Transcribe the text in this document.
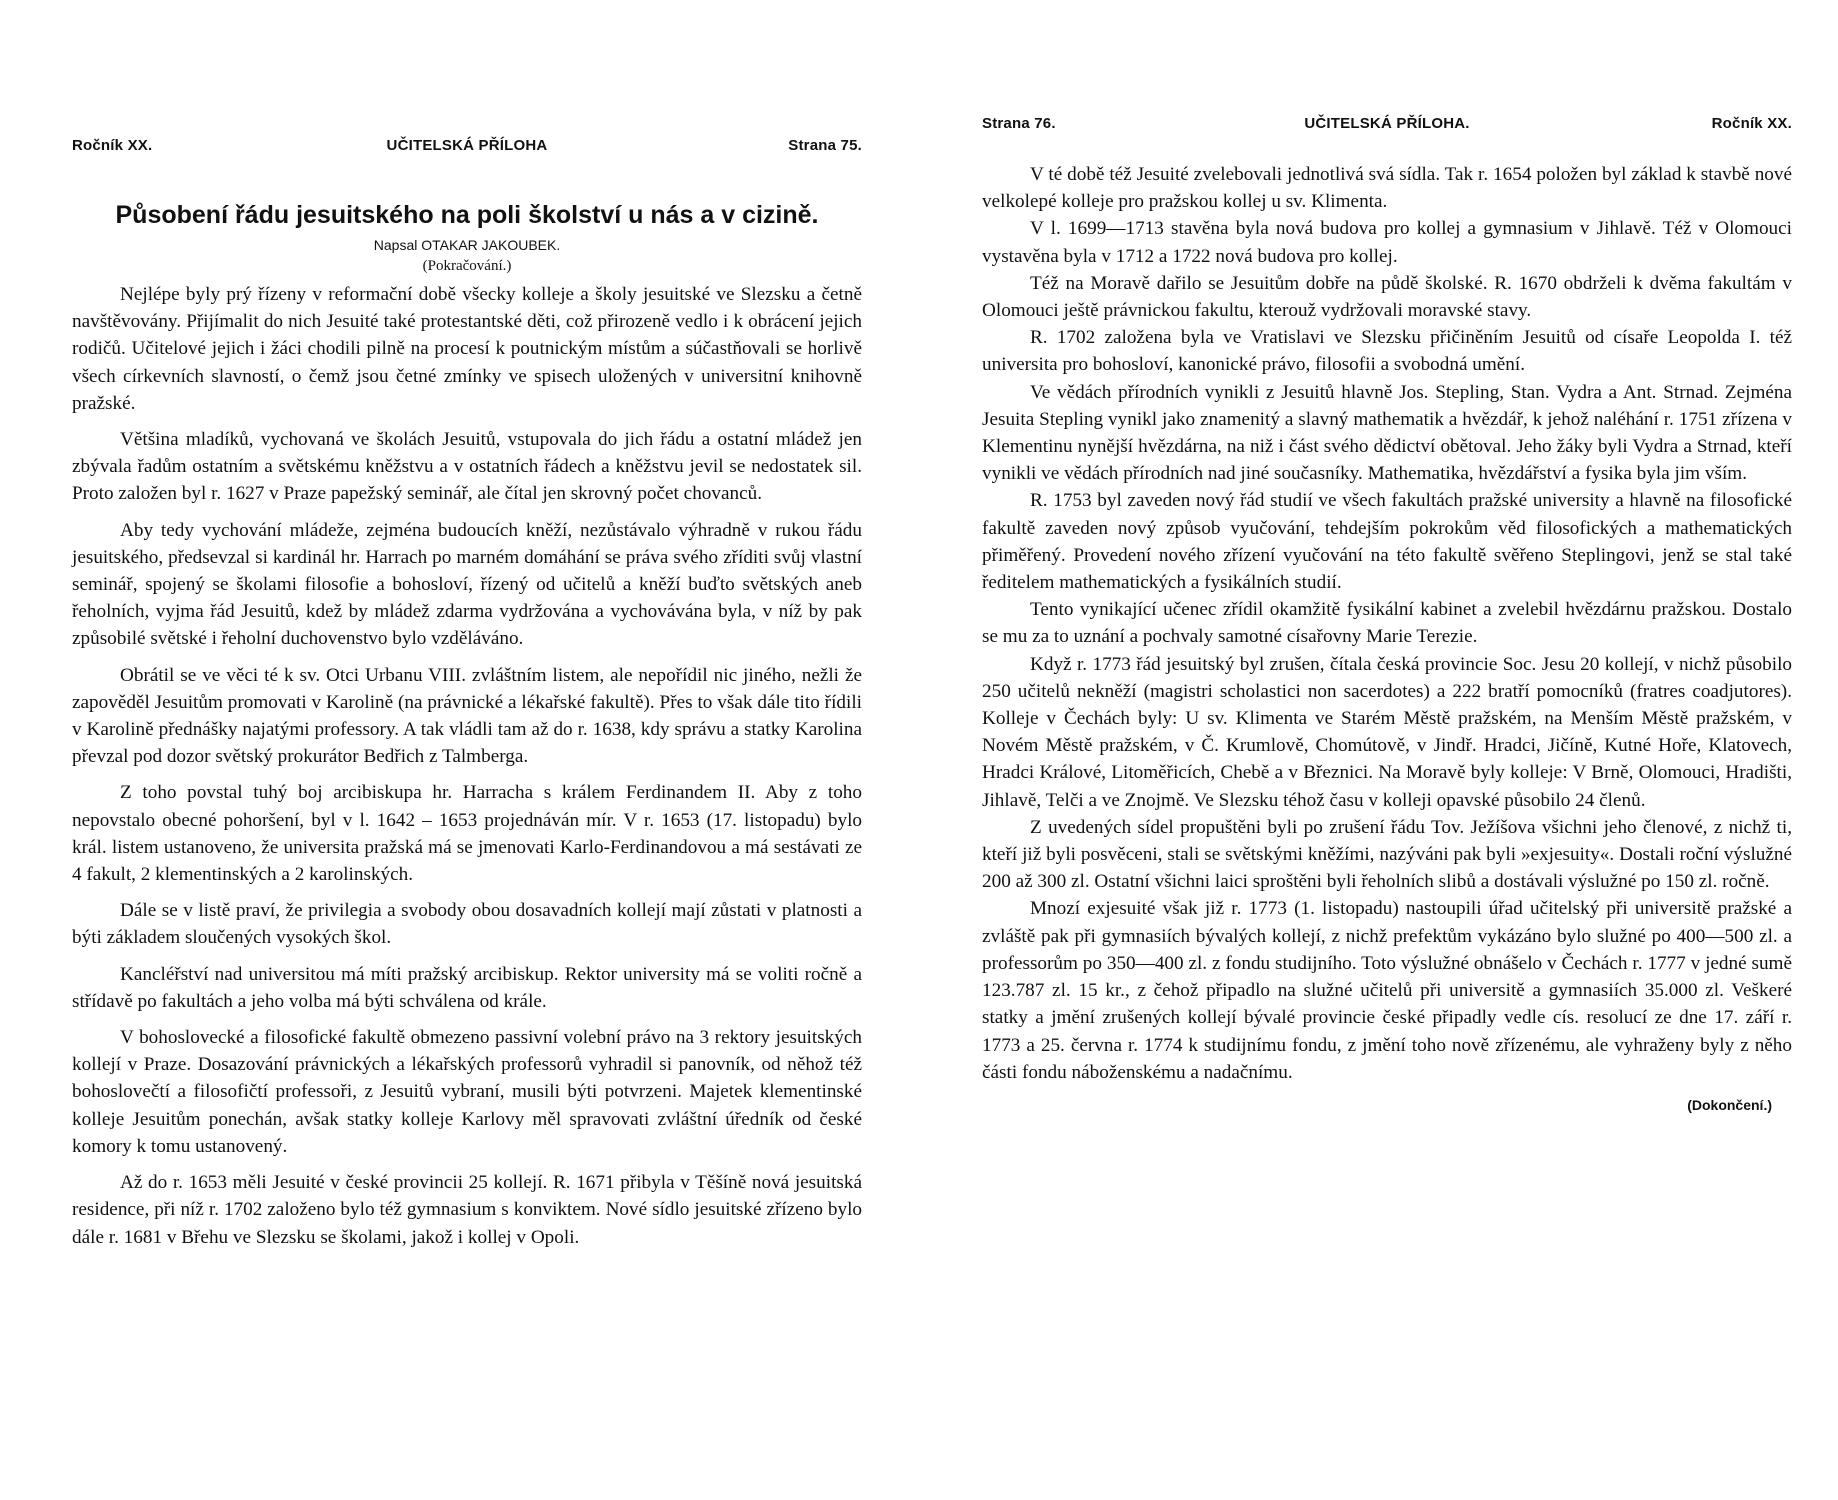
Ročník XX.	UČITELSKÁ PŘÍLOHA	Strana 75.
Působení řádu jesuitského na poli školství u nás a v cizině.
Napsal OTAKAR JAKOUBEK.
(Pokračování.)

Nejlépe byly prý řízeny v reformační době všecky kolleje a školy jesuitské ve Slezsku a četně navštěvovány. Přijímalit do nich Jesuité také protestantské děti, což přirozeně vedlo i k obrácení jejich rodičů. Učitelové jejich i žáci chodili pilně na procesí k poutnickým místům a súčastňovali se horlivě všech církevních slavností, o čemž jsou četné zmínky ve spisech uložených v universitní knihovně pražské.

Většina mladíků, vychovaná ve školách Jesuitů, vstupovala do jich řádu a ostatní mládež jen zbývala řadům ostatním a světskému kněžstvu a v ostatních řádech a kněžstvu jevil se nedostatek sil. Proto založen byl r. 1627 v Praze papežský seminář, ale čítal jen skrovný počet chovanců.

Aby tedy vychování mládeže, zejména budoucích kněží, nezůstávalo výhradně v rukou řádu jesuitského, předsevzal si kardinál hr. Harrach po marném domáhání se práva svého zříditi svůj vlastní seminář, spojený se školami filosofie a bohosloví, řízený od učitelů a kněží buďto světských aneb řeholních, vyjma řád Jesuitů, kdež by mládež zdarma vydržována a vychovávána byla, v níž by pak způsobilé světské i řeholní duchovenstvo bylo vzděláváno.

Obrátil se ve věci té k sv. Otci Urbanu VIII. zvláštním listem, ale nepořídil nic jiného, nežli že zapověděl Jesuitům promovati v Karolině (na právnické a lékařské fakultě). Přes to však dále tito řídili v Karolině přednášky najatými professory. A tak vládli tam až do r. 1638, kdy správu a statky Karolina převzal pod dozor světský prokurátor Bedřich z Talmberga.

Z toho povstal tuhý boj arcibiskupa hr. Harracha s králem Ferdinandem II. Aby z toho nepovstalo obecné pohoršení, byl v l. 1642 – 1653 projednáván mír. V r. 1653 (17. listopadu) bylo král. listem ustanoveno, že universita pražská má se jmenovati Karlo-Ferdinandovou a má sestávati ze 4 fakult, 2 klementinských a 2 karolinských.

Dále se v listě praví, že privilegia a svobody obou dosavadních kollejí mají zůstati v platnosti a býti základem sloučených vysokých škol.

Kancléřství nad universitou má míti pražský arcibiskup. Rektor university má se voliti ročně a střídavě po fakultách a jeho volba má býti schválena od krále.

V bohoslovecké a filosofické fakultě obmezeno passivní volební právo na 3 rektory jesuitských kollejí v Praze. Dosazování právnických a lékařských professorů vyhradil si panovník, od něhož též bohoslovečtí a filosofičtí professoři, z Jesuitů vybraní, musili býti potvrzeni. Majetek klementinské kolleje Jesuitům ponechán, avšak statky kolleje Karlovy měl spravovati zvláštní úředník od české komory k tomu ustanovený.

Až do r. 1653 měli Jesuité v české provincii 25 kollejí. R. 1671 přibyla v Těšíně nová jesuitská residence, při níž r. 1702 založeno bylo též gymnasium s konviktem. Nové sídlo jesuitské zřízeno bylo dále r. 1681 v Břehu ve Slezsku se školami, jakož i kollej v Opoli.

Strana 76.	UČITELSKÁ PŘÍLOHA.	Ročník XX.

V té době též Jesuité zvelebovali jednotlivá svá sídla. Tak r. 1654 položen byl základ k stavbě nové velkolepé kolleje pro pražskou kollej u sv. Klimenta.

V l. 1699—1713 stavěna byla nová budova pro kollej a gymnasium v Jihlavě. Též v Olomouci vystavěna byla v 1712 a 1722 nová budova pro kollej.

Též na Moravě dařilo se Jesuitům dobře na půdě školské. R. 1670 obdrželi k dvěma fakultám v Olomouci ještě právnickou fakultu, kterouž vydržovali moravské stavy.

R. 1702 založena byla ve Vratislavi ve Slezsku přičiněním Jesuitů od císaře Leopolda I. též universita pro bohosloví, kanonické právo, filosofii a svobodná umění.

Ve vědách přírodních vynikli z Jesuitů hlavně Jos. Stepling, Stan. Vydra a Ant. Strnad. Zejména Jesuita Stepling vynikl jako znamenitý a slavný mathematik a hvězdář, k jehož naléhání r. 1751 zřízena v Klementinu nynější hvězdárna, na niž i část svého dědictví obětoval. Jeho žáky byli Vydra a Strnad, kteří vynikli ve vědách přírodních nad jiné současníky. Mathematika, hvězdářství a fysika byla jim vším.

R. 1753 byl zaveden nový řád studií ve všech fakultách pražské university a hlavně na filosofické fakultě zaveden nový způsob vyučování, tehdejším pokrokům věd filosofických a mathematických přiměřený. Provedení nového zřízení vyučování na této fakultě svěřeno Steplingovi, jenž se stal také ředitelem mathematických a fysikálních studií.

Tento vynikající učenec zřídil okamžitě fysikální kabinet a zvelebil hvězdárnu pražskou. Dostalo se mu za to uznání a pochvaly samotné císařovny Marie Terezie.

Když r. 1773 řád jesuitský byl zrušen, čítala česká provincie Soc. Jesu 20 kollejí, v nichž působilo 250 učitelů nekněží (magistri scholastici non sacerdotes) a 222 bratří pomocníků (fratres coadjutores). Kolleje v Čechách byly: U sv. Klimenta ve Starém Městě pražském, na Menším Městě pražském, v Novém Městě pražském, v Č. Krumlově, Chomútově, v Jindř. Hradci, Jičíně, Kutné Hoře, Klatovech, Hradci Králové, Litoměřicích, Chebě a v Březnici. Na Moravě byly kolleje: V Brně, Olomouci, Hradišti, Jihlavě, Telči a ve Znojmě. Ve Slezsku téhož času v kolleji opavské působilo 24 členů.

Z uvedených sídel propuštěni byli po zrušení řádu Tov. Ježíšova všichni jeho členové, z nichž ti, kteří již byli posvěceni, stali se světskými kněžími, nazýváni pak byli »exjesuity«. Dostali roční výslužné 200 až 300 zl. Ostatní všichni laici sproštěni byli řeholních slibů a dostávali výslužné po 150 zl. ročně.

Mnozí exjesuité však již r. 1773 (1. listopadu) nastoupili úřad učitelský při universitě pražské a zvláště pak při gymnasiích bývalých kollejí, z nichž prefektům vykázáno bylo služné po 400—500 zl. a professorům po 350—400 zl. z fondu studijního. Toto výslužné obnášelo v Čechách r. 1777 v jedné sumě 123.787 zl. 15 kr., z čehož připadlo na služné učitelů při universitě a gymnasiích 35.000 zl. Veškeré statky a jmění zrušených kollejí bývalé provincie české připadly vedle cís. resolucí ze dne 17. září r. 1773 a 25. června r. 1774 k studijnímu fondu, z jmění toho nově zřízenému, ale vyhraženy byly z něho části fondu náboženskému a nadačnímu.

(Dokončení.)
